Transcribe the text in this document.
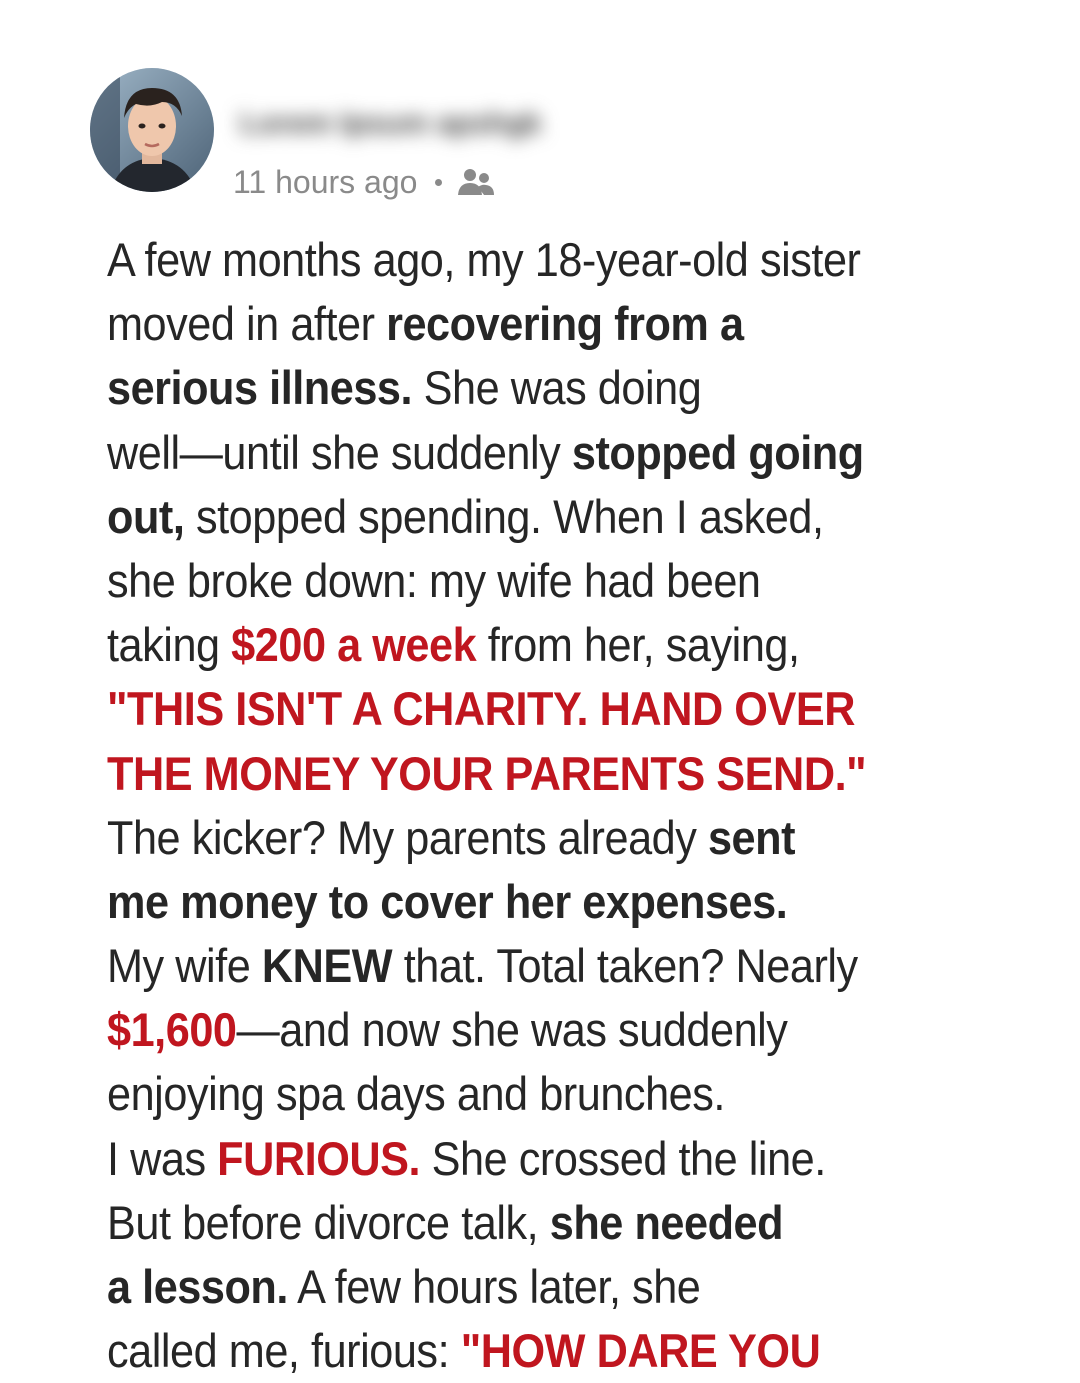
Lorem Ipsum apshgk
11 hours ago
A few months ago, my 18-year-old sister
moved in after recovering from a
serious illness. She was doing
well—until she suddenly stopped going
out, stopped spending. When I asked,
she broke down: my wife had been
taking $200 a week from her, saying,
"THIS ISN'T A CHARITY. HAND OVER
THE MONEY YOUR PARENTS SEND."
The kicker? My parents already sent
me money to cover her expenses.
My wife KNEW that. Total taken? Nearly
$1,600—and now she was suddenly
enjoying spa days and brunches.
I was FURIOUS. She crossed the line.
But before divorce talk, she needed
a lesson. A few hours later, she
called me, furious: "HOW DARE YOU
